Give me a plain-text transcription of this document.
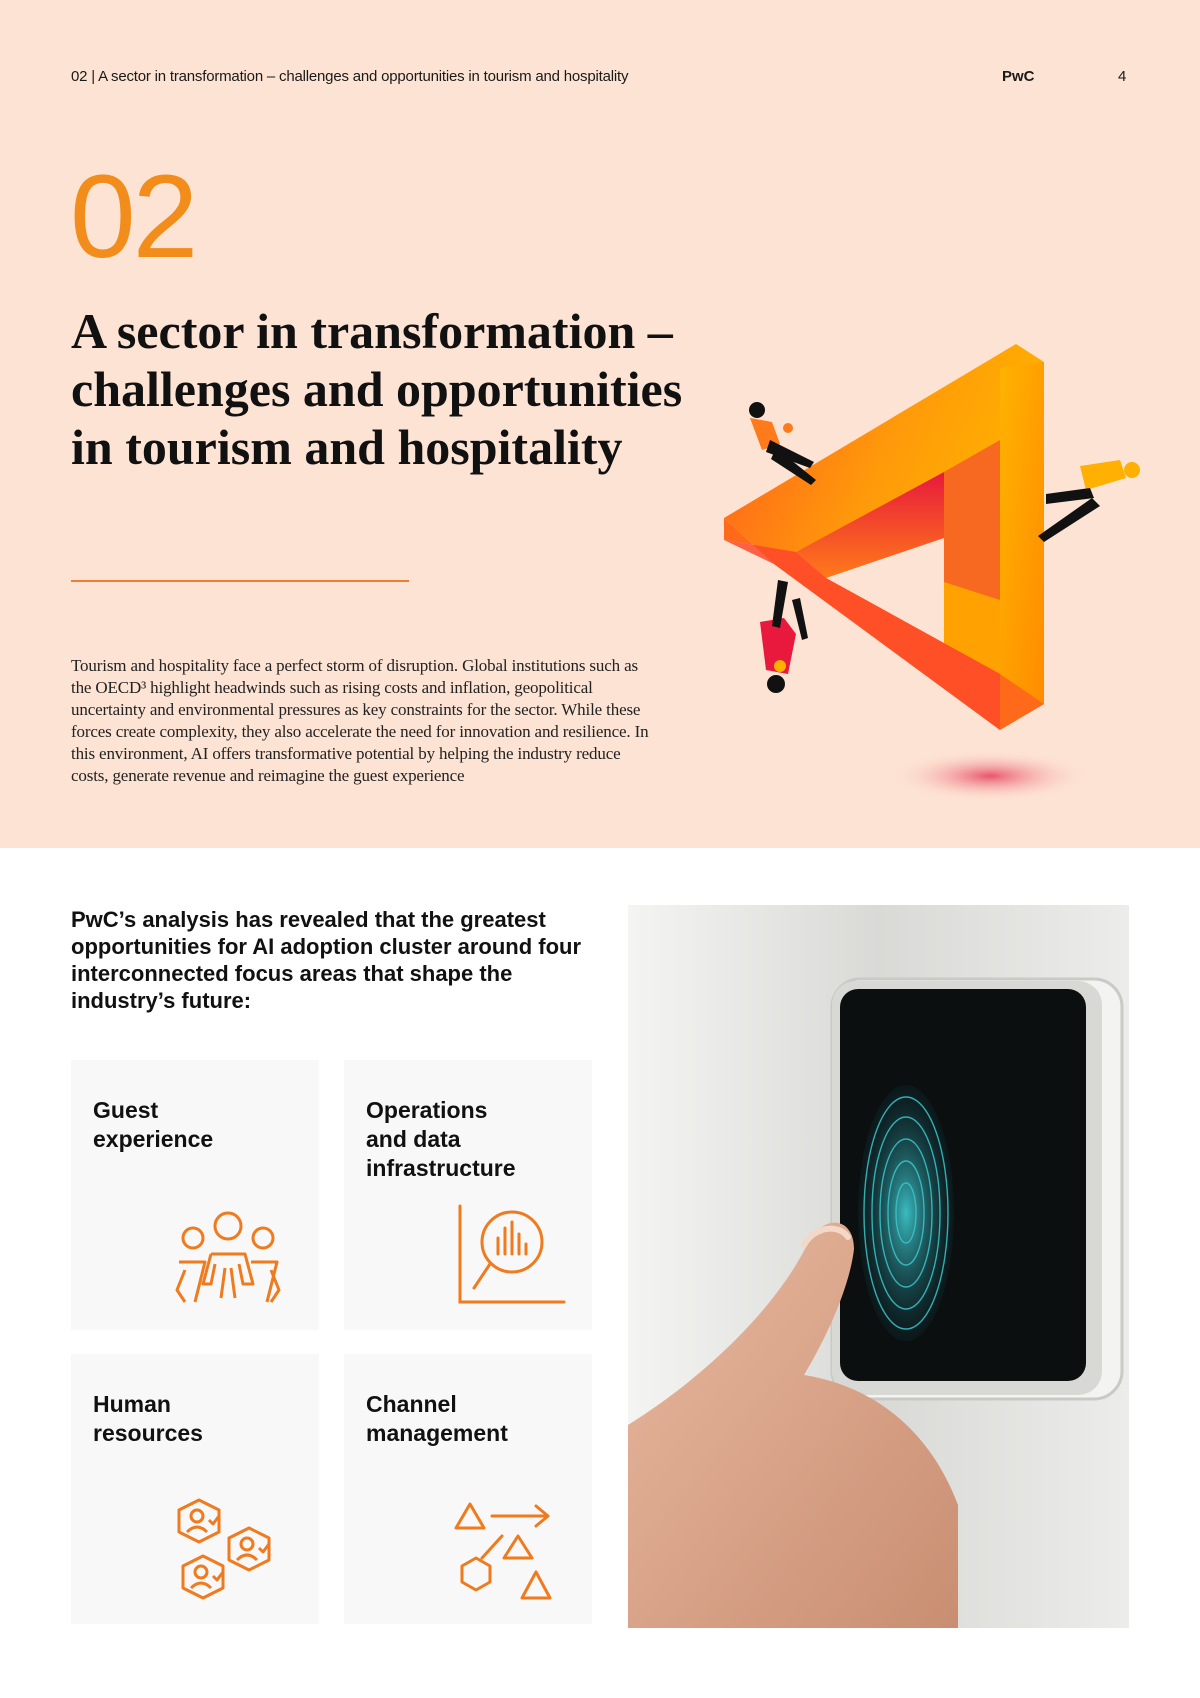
02 | A sector in transformation – challenges and opportunities in tourism and hospitality	PwC	4
02
A sector in transformation – challenges and opportunities in tourism and hospitality

Tourism and hospitality face a perfect storm of disruption. Global institutions such as the OECD³ highlight headwinds such as rising costs and inflation, geopolitical uncertainty and environmental pressures as key constraints for the sector. While these forces create complexity, they also accelerate the need for innovation and resilience. In this environment, AI offers transformative potential by helping the industry reduce costs, generate revenue and reimagine the guest experience

PwC’s analysis has revealed that the greatest opportunities for AI adoption cluster around four interconnected focus areas that shape the industry’s future:
Guest
experience
Operations
and data
infrastructure
Human
resources
Channel
management
